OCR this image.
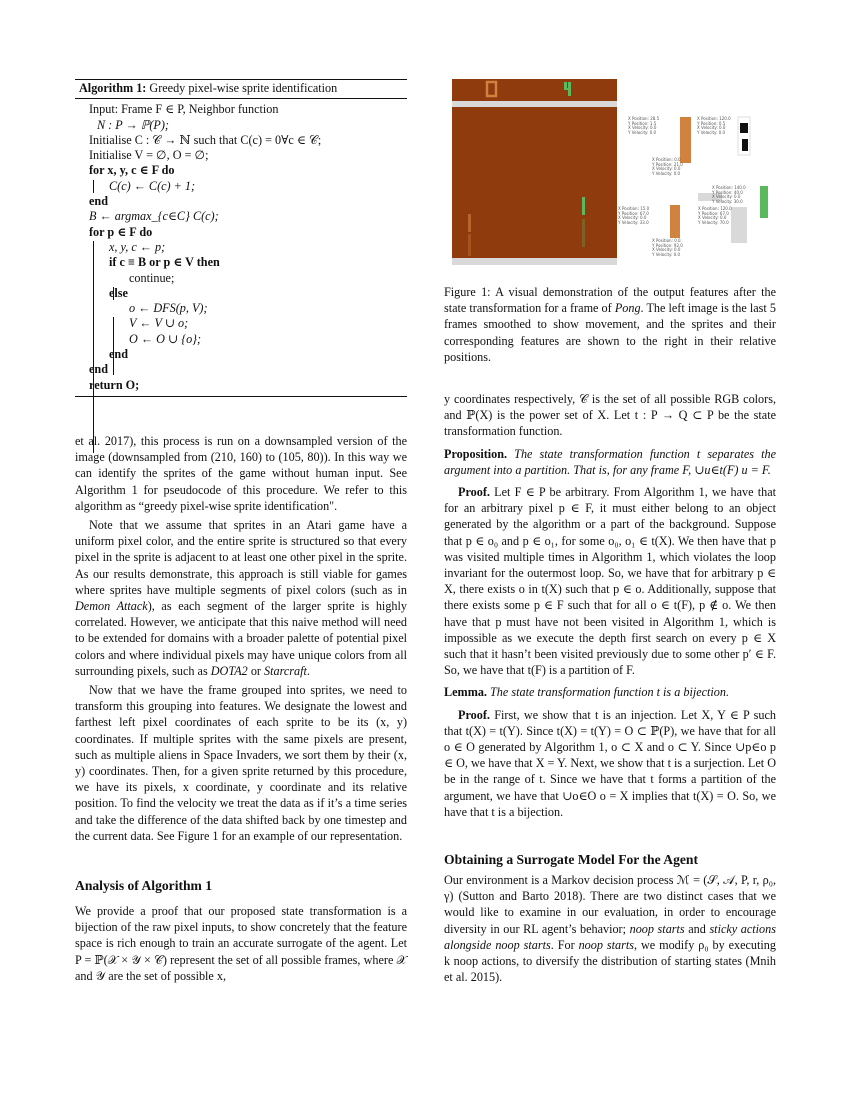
Algorithm 1: Greedy pixel-wise sprite identification
Input: Frame F ∈ P, Neighbor function
N : P → ℙ(P);
Initialise C : 𝒞 → ℕ such that C(c) = 0∀c ∈ 𝒞;
Initialise V = ∅, O = ∅;
for x, y, c ∈ F do
C(c) ← C(c) + 1;
end
B ← argmax_{c∈C} C(c);
for p ∈ F do
x, y, c ← p;
if c ≡ B or p ∈ V then
continue;
else
o ← DFS(p, V);
V ← V ∪ o;
O ← O ∪ {o};
end
end
return O;

et al. 2017), this process is run on a downsampled version of the image (downsampled from (210, 160) to (105, 80)). In this way we can identify the sprites of the game without human input. See Algorithm 1 for pseudocode of this procedure. We refer to this algorithm as “greedy pixel-wise sprite identification".

Note that we assume that sprites in an Atari game have a uniform pixel color, and the entire sprite is structured so that every pixel in the sprite is adjacent to at least one other pixel in the sprite. As our results demonstrate, this approach is still viable for games where sprites have multiple segments of pixel colors (such as in Demon Attack), as each segment of the larger sprite is highly correlated. However, we anticipate that this naive method will need to be extended for domains with a broader palette of potential pixel colors and where individual pixels may have unique colors from all surrounding pixels, such as DOTA2 or Starcraft.

Now that we have the frame grouped into sprites, we need to transform this grouping into features. We designate the lowest and farthest left pixel coordinates of each sprite to be its (x, y) coordinates. If multiple sprites with the same pixels are present, such as multiple aliens in Space Invaders, we sort them by their (x, y) coordinates. Then, for a given sprite returned by this procedure, we have its pixels, x coordinate, y coordinate and its relative position. To find the velocity we treat the data as if it’s a time series and take the difference of the data shifted back by one timestep and the current data. See Figure 1 for an example of our representation.

Analysis of Algorithm 1

We provide a proof that our proposed state transformation is a bijection of the raw pixel inputs, to show concretely that the feature space is rich enough to train an accurate surrogate of the agent. Let P = ℙ(𝒳 × 𝒴 × 𝒞) represent the set of all possible frames, where 𝒳 and 𝒴 are the set of possible x,

X Position: 28.5
Y Position: 1.5
X Velocity: 0.0
Y Velocity: 0.0
X Position: 120.0
Y Position: 0.5
X Velocity: 0.0
Y Velocity: 0.0
X Position: 0.0
Y Position: 21.0
X Velocity: 0.0
Y Velocity: 0.0
X Position: 140.0
Y Position: 40.0
X Velocity: 0.0
Y Velocity: 30.0
X Position: 15.0
Y Position: 67.0
X Velocity: 0.0
Y Velocity: 33.0
X Position: 120.0
Y Position: 67.0
X Velocity: 0.0
Y Velocity: 70.0
X Position: 0.0
Y Position: 92.0
X Velocity: 0.0
Y Velocity: 0.0
Figure 1: A visual demonstration of the output features after the state transformation for a frame of Pong. The left image is the last 5 frames smoothed to show movement, and the sprites and their corresponding features are shown to the right in their relative positions.

y coordinates respectively, 𝒞 is the set of all possible RGB colors, and ℙ(X) is the power set of X. Let t : P → Q ⊂ P be the state transformation function.

Proposition. The state transformation function t separates the argument into a partition. That is, for any frame F, ∪u∈t(F) u = F.

Proof. Let F ∈ P be arbitrary. From Algorithm 1, we have that for an arbitrary pixel p ∈ F, it must either belong to an object generated by the algorithm or a part of the background. Suppose that p ∈ o₀ and p ∈ o₁, for some o₀, o₁ ∈ t(X). We then have that p was visited multiple times in Algorithm 1, which violates the loop invariant for the outermost loop. So, we have that for arbitrary p ∈ X, there exists o in t(X) such that p ∈ o. Additionally, suppose that there exists some p ∈ F such that for all o ∈ t(F), p ∉ o. We then have that p must have not been visited in Algorithm 1, which is impossible as we execute the depth first search on every p ∈ X such that it hasn’t been visited previously due to some other p′ ∈ F. So, we have that t(F) is a partition of F.

Lemma. The state transformation function t is a bijection.

Proof. First, we show that t is an injection. Let X, Y ∈ P such that t(X) = t(Y). Since t(X) = t(Y) = O ⊂ ℙ(P), we have that for all o ∈ O generated by Algorithm 1, o ⊂ X and o ⊂ Y. Since ∪p∈o p ∈ O, we have that X = Y. Next, we show that t is a surjection. Let O be in the range of t. Since we have that t forms a partition of the argument, we have that ∪o∈O o = X implies that t(X) = O. So, we have that t is a bijection.

Obtaining a Surrogate Model For the Agent

Our environment is a Markov decision process ℳ = (𝒮, 𝒜, P, r, ρ₀, γ) (Sutton and Barto 2018). There are two distinct cases that we would like to examine in our evaluation, in order to encourage diversity in our RL agent’s behavior; noop starts and sticky actions alongside noop starts. For noop starts, we modify ρ₀ by executing k noop actions, to diversify the distribution of starting states (Mnih et al. 2015).
